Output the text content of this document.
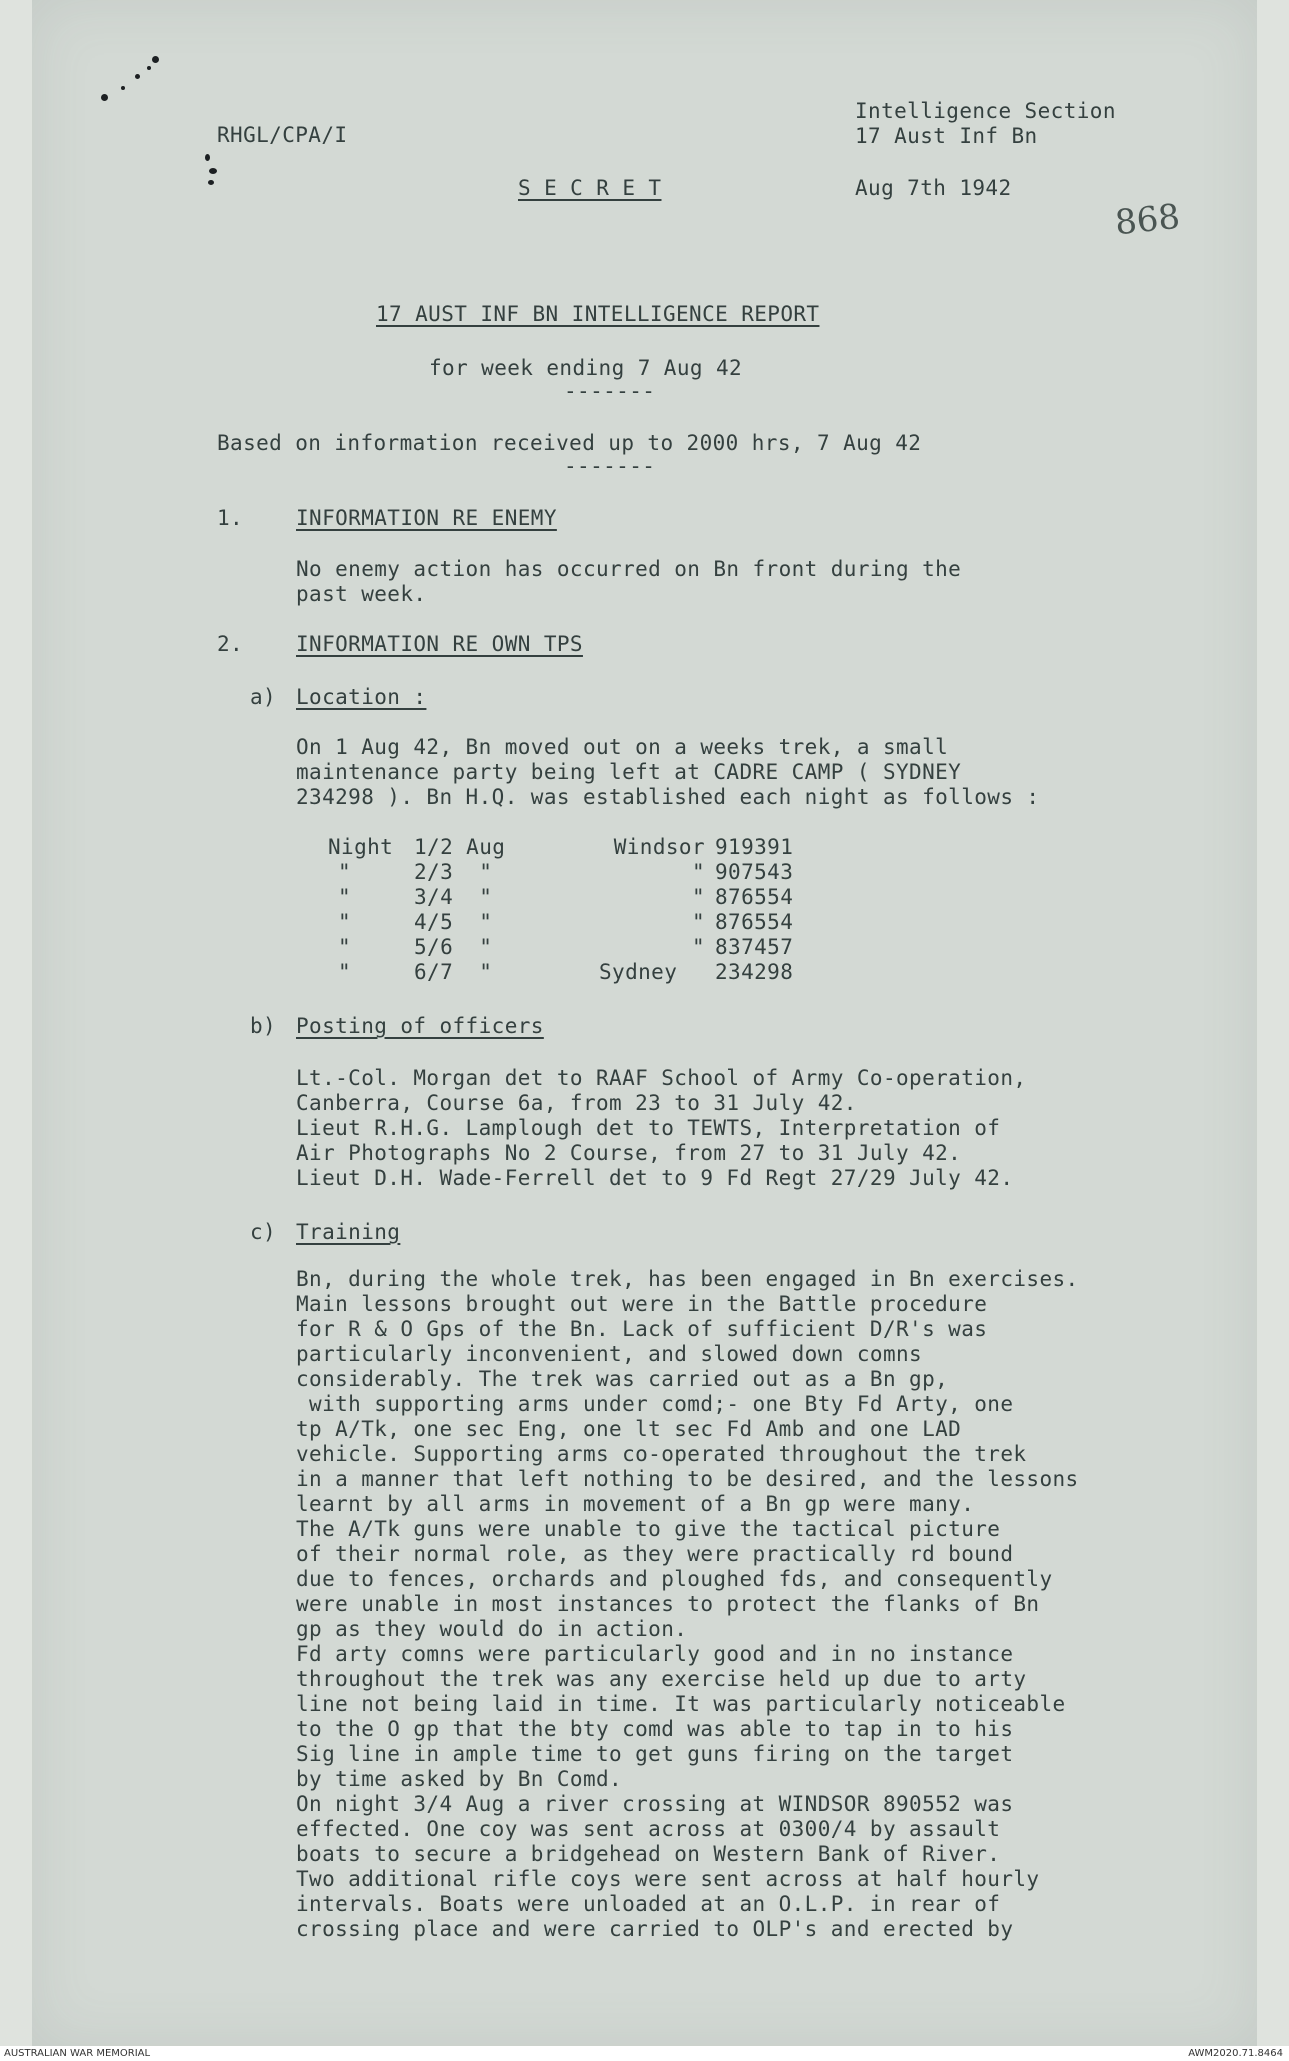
RHGL/CPA/I

Intelligence Section

17 Aust Inf Bn

S E C R E T	Aug 7th 1942

868

17 AUST INF BN INTELLIGENCE REPORT

for week ending 7 Aug 42

-------

Based on information received up to 2000 hrs, 7 Aug 42

-------

1.	INFORMATION RE ENEMY

No enemy action has occurred on Bn front during the

past week.

2.	INFORMATION RE OWN TPS

a) Location :

On 1 Aug 42, Bn moved out on a weeks trek, a small

maintenance party being left at CADRE CAMP ( SYDNEY

234298 ). Bn H.Q. was established each night as follows :

Night	1/2 Aug	Windsor	919391
"	2/3  "	"	907543
"	3/4  "	"	876554
"	4/5  "	"	876554
"	5/6  "	"	837457
"	6/7  "	Sydney	234298

b) Posting of officers

Lt.-Col. Morgan det to RAAF School of Army Co-operation,

Canberra, Course 6a, from 23 to 31 July 42.

Lieut R.H.G. Lamplough det to TEWTS, Interpretation of

Air Photographs No 2 Course, from 27 to 31 July 42.

Lieut D.H. Wade-Ferrell det to 9 Fd Regt 27/29 July 42.

c) Training

Bn, during the whole trek, has been engaged in Bn exercises.

Main lessons brought out were in the Battle procedure

for R & O Gps of the Bn. Lack of sufficient D/R's was

particularly inconvenient, and slowed down comns

considerably. The trek was carried out as a Bn gp,

with supporting arms under comd;- one Bty Fd Arty, one

tp A/Tk, one sec Eng, one lt sec Fd Amb and one LAD

vehicle. Supporting arms co-operated throughout the trek

in a manner that left nothing to be desired, and the lessons

learnt by all arms in movement of a Bn gp were many.

The A/Tk guns were unable to give the tactical picture

of their normal role, as they were practically rd bound

due to fences, orchards and ploughed fds, and consequently

were unable in most instances to protect the flanks of Bn

gp as they would do in action.

Fd arty comns were particularly good and in no instance

throughout the trek was any exercise held up due to arty

line not being laid in time. It was particularly noticeable

to the O gp that the bty comd was able to tap in to his

Sig line in ample time to get guns firing on the target

by time asked by Bn Comd.

On night 3/4 Aug a river crossing at WINDSOR 890552 was

effected. One coy was sent across at 0300/4 by assault

boats to secure a bridgehead on Western Bank of River.

Two additional rifle coys were sent across at half hourly

intervals. Boats were unloaded at an O.L.P. in rear of

crossing place and were carried to OLP's and erected by

AUSTRALIAN WAR MEMORIAL	AWM2020.71.8464
